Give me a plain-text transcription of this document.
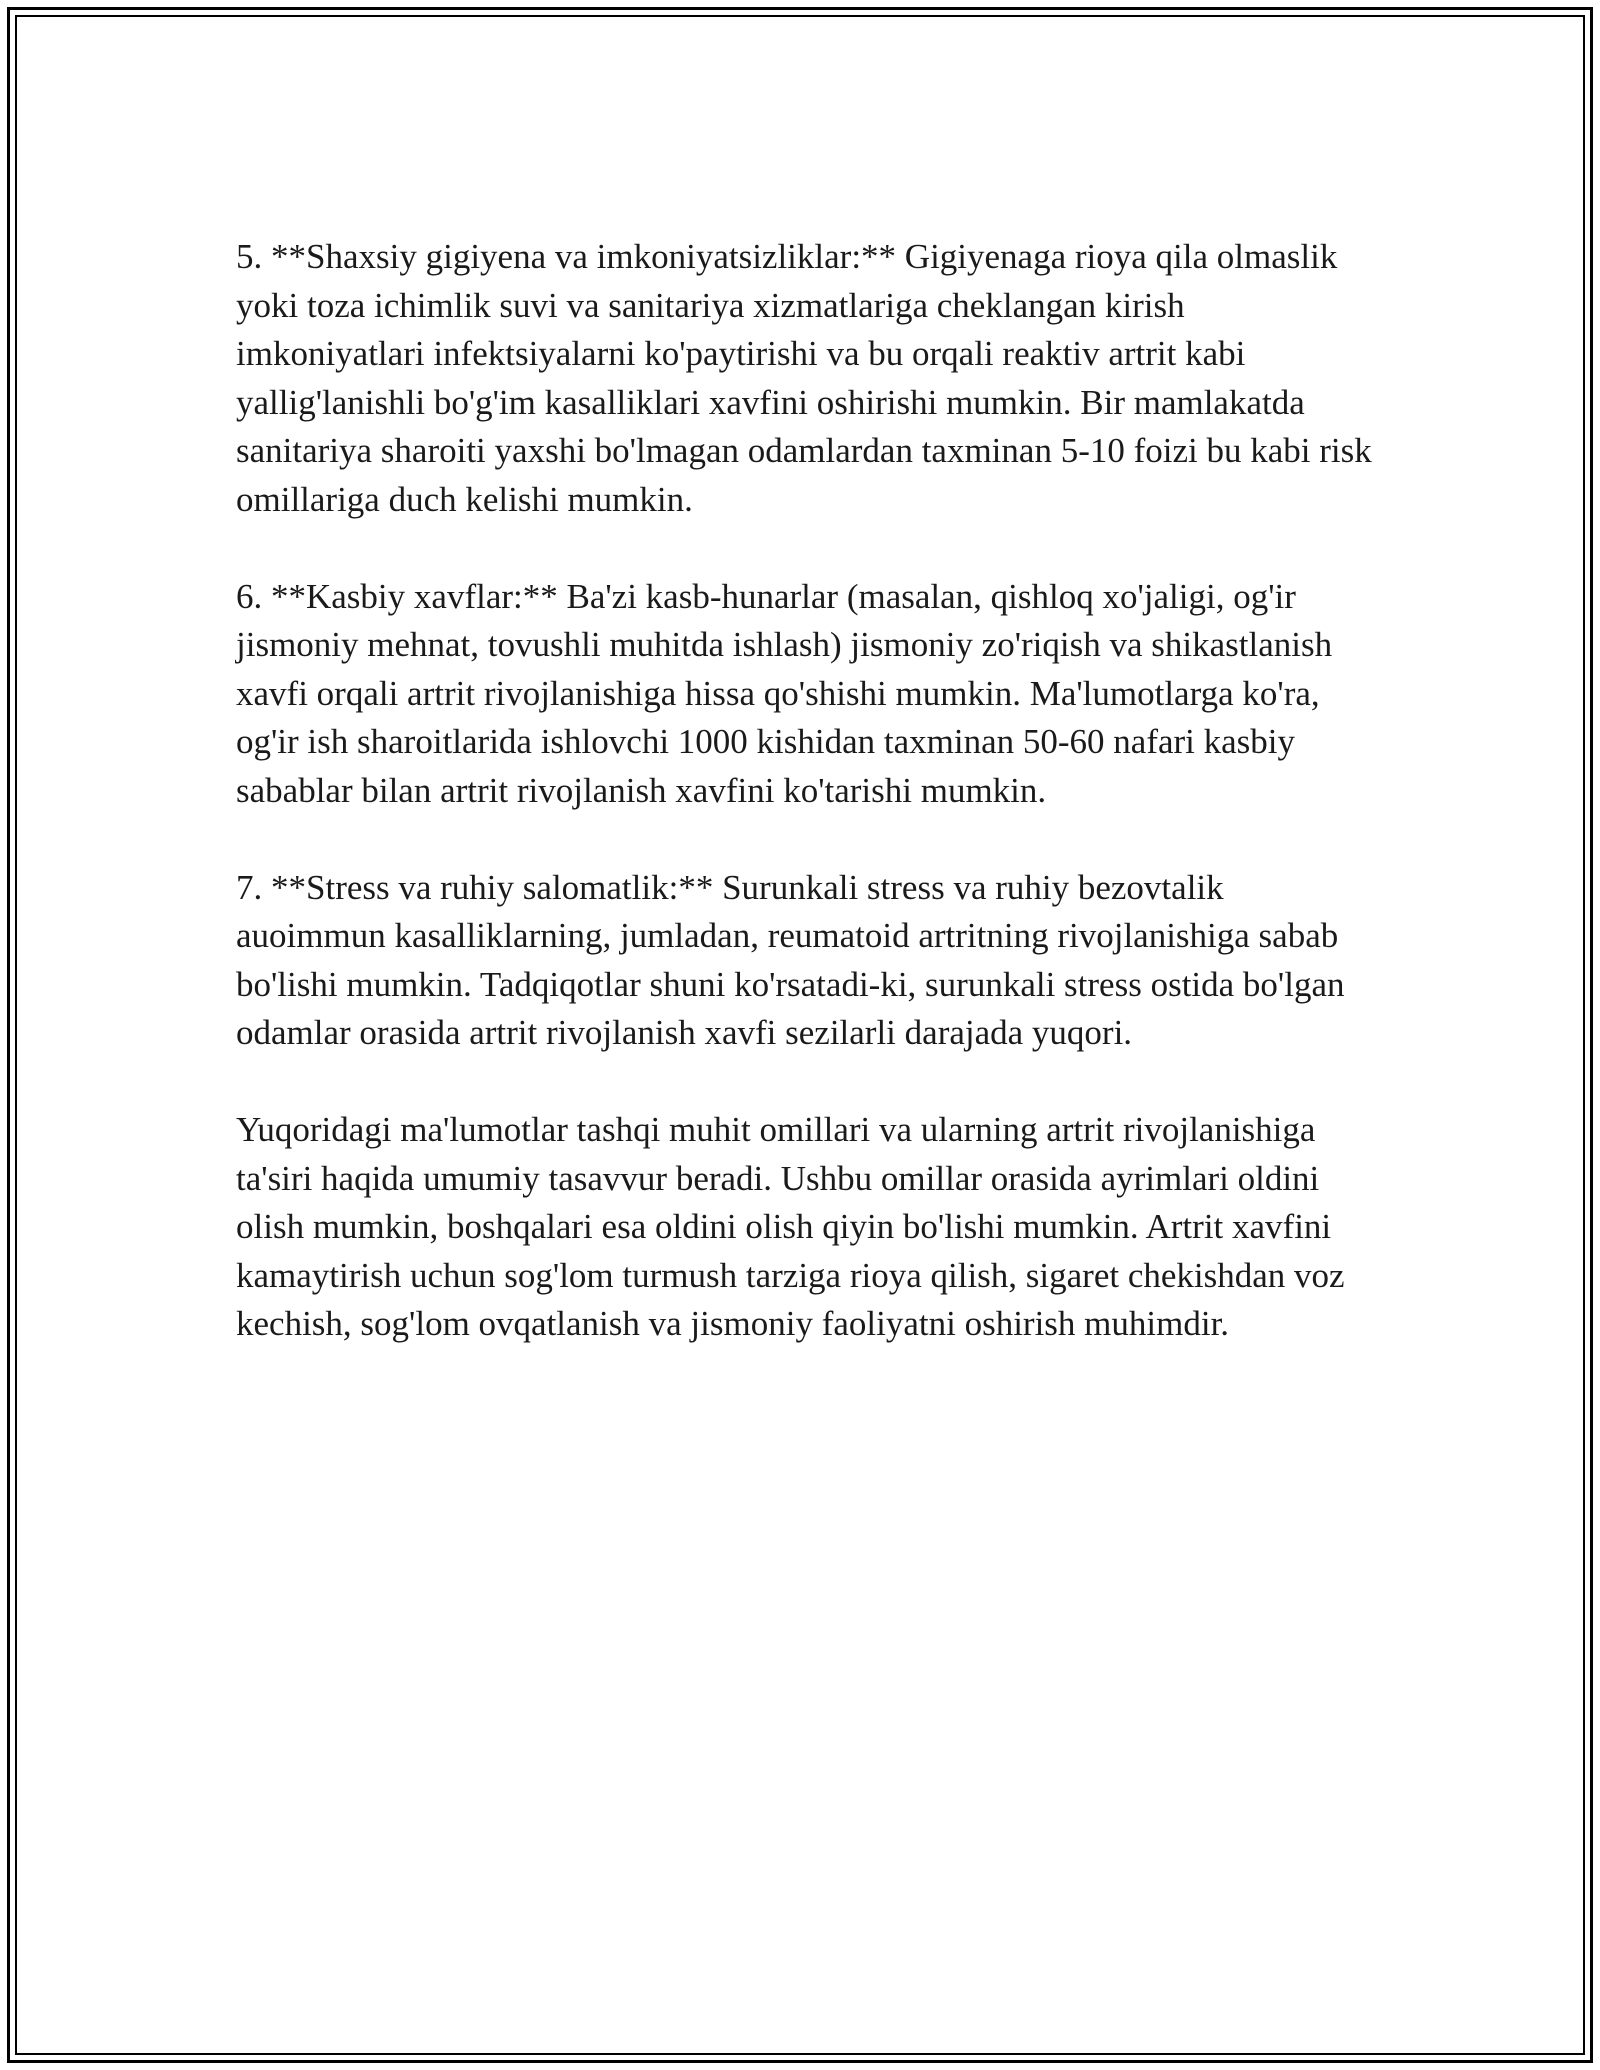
5. **Shaxsiy gigiyena va imkoniyatsizliklar:** Gigiyenaga rioya qila olmaslik yoki toza ichimlik suvi va sanitariya xizmatlariga cheklangan kirish imkoniyatlari infektsiyalarni ko'paytirishi va bu orqali reaktiv artrit kabi yallig'lanishli bo'g'im kasalliklari xavfini oshirishi mumkin. Bir mamlakatda sanitariya sharoiti yaxshi bo'lmagan odamlardan taxminan 5-10 foizi bu kabi risk omillariga duch kelishi mumkin.

6. **Kasbiy xavflar:** Ba'zi kasb-hunarlar (masalan, qishloq xo'jaligi, og'ir jismoniy mehnat, tovushli muhitda ishlash) jismoniy zo'riqish va shikastlanish xavfi orqali artrit rivojlanishiga hissa qo'shishi mumkin. Ma'lumotlarga ko'ra, og'ir ish sharoitlarida ishlovchi 1000 kishidan taxminan 50-60 nafari kasbiy sabablar bilan artrit rivojlanish xavfini ko'tarishi mumkin.

7. **Stress va ruhiy salomatlik:** Surunkali stress va ruhiy bezovtalik auoimmun kasalliklarning, jumladan, reumatoid artritning rivojlanishiga sabab bo'lishi mumkin. Tadqiqotlar shuni ko'rsatadi-ki, surunkali stress ostida bo'lgan odamlar orasida artrit rivojlanish xavfi sezilarli darajada yuqori.

Yuqoridagi ma'lumotlar tashqi muhit omillari va ularning artrit rivojlanishiga ta'siri haqida umumiy tasavvur beradi. Ushbu omillar orasida ayrimlari oldini olish mumkin, boshqalari esa oldini olish qiyin bo'lishi mumkin. Artrit xavfini kamaytirish uchun sog'lom turmush tarziga rioya qilish, sigaret chekishdan voz kechish, sog'lom ovqatlanish va jismoniy faoliyatni oshirish muhimdir.
